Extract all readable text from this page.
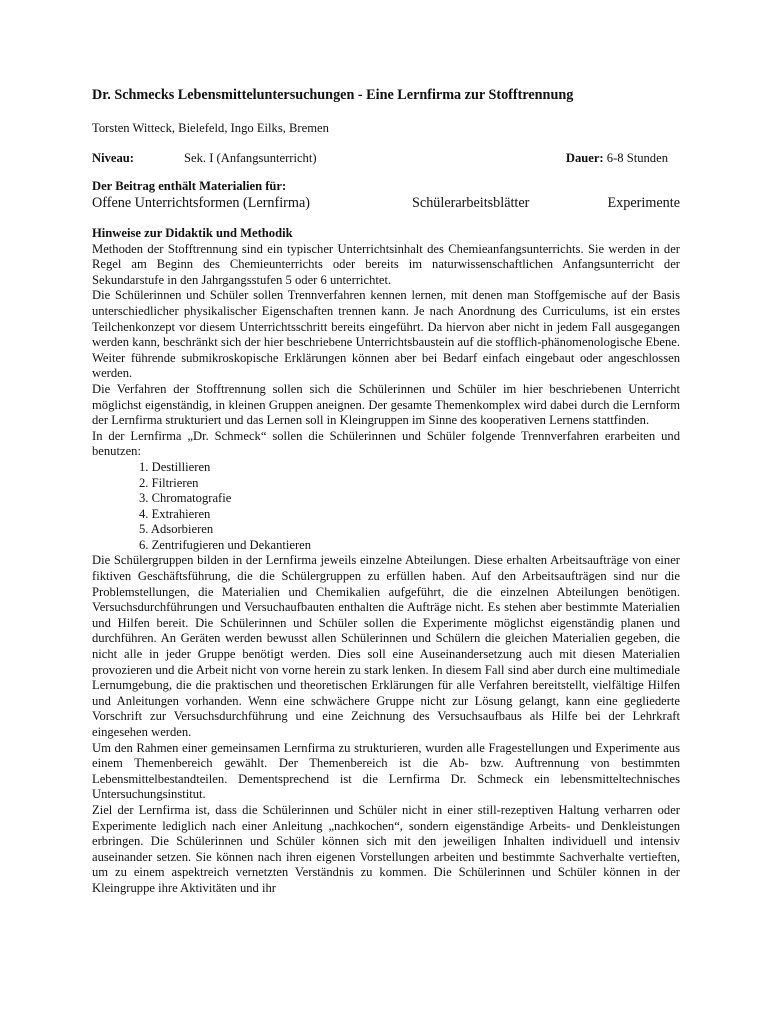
Dr. Schmecks Lebensmitteluntersuchungen - Eine Lernfirma zur Stofftrennung
Torsten Witteck, Bielefeld, Ingo Eilks, Bremen
Niveau:	Sek. I (Anfangsunterricht)	Dauer: 6-8 Stunden
Der Beitrag enthält Materialien für:
Offene Unterrichtsformen (Lernfirma)	Schülerarbeitsblätter	Experimente
Hinweise zur Didaktik und Methodik

Methoden der Stofftrennung sind ein typischer Unterrichtsinhalt des Chemieanfangsunterrichts. Sie werden in der Regel am Beginn des Chemieunterrichts oder bereits im naturwissenschaftlichen Anfangsunterricht der Sekundarstufe in den Jahrgangsstufen 5 oder 6 unterrichtet.

Die Schülerinnen und Schüler sollen Trennverfahren kennen lernen, mit denen man Stoffgemische auf der Basis unterschiedlicher physikalischer Eigenschaften trennen kann. Je nach Anordnung des Curriculums, ist ein erstes Teilchenkonzept vor diesem Unterrichtsschritt bereits eingeführt. Da hiervon aber nicht in jedem Fall ausgegangen werden kann, beschränkt sich der hier beschriebene Unterrichtsbaustein auf die stofflich-phänomenologische Ebene. Weiter führende submikroskopische Erklärungen können aber bei Bedarf einfach eingebaut oder angeschlossen werden.

Die Verfahren der Stofftrennung sollen sich die Schülerinnen und Schüler im hier beschriebenen Unterricht möglichst eigenständig, in kleinen Gruppen aneignen. Der gesamte Themenkomplex wird dabei durch die Lernform der Lernfirma strukturiert und das Lernen soll in Kleingruppen im Sinne des kooperativen Lernens stattfinden.

In der Lernfirma „Dr. Schmeck“ sollen die Schülerinnen und Schüler folgende Trennverfahren erarbeiten und benutzen:

1. Destillieren
2. Filtrieren
3. Chromatografie
4. Extrahieren
5. Adsorbieren
6. Zentrifugieren und Dekantieren

Die Schülergruppen bilden in der Lernfirma jeweils einzelne Abteilungen. Diese erhalten Arbeitsaufträge von einer fiktiven Geschäftsführung, die die Schülergruppen zu erfüllen haben. Auf den Arbeitsaufträgen sind nur die Problemstellungen, die Materialien und Chemikalien aufgeführt, die die einzelnen Abteilungen benötigen. Versuchsdurchführungen und Versuchaufbauten enthalten die Aufträge nicht. Es stehen aber bestimmte Materialien und Hilfen bereit. Die Schülerinnen und Schüler sollen die Experimente möglichst eigenständig planen und durchführen. An Geräten werden bewusst allen Schülerinnen und Schülern die gleichen Materialien gegeben, die nicht alle in jeder Gruppe benötigt werden. Dies soll eine Auseinandersetzung auch mit diesen Materialien provozieren und die Arbeit nicht von vorne herein zu stark lenken. In diesem Fall sind aber durch eine multimediale Lernumgebung, die die praktischen und theoretischen Erklärungen für alle Verfahren bereitstellt, vielfältige Hilfen und Anleitungen vorhanden. Wenn eine schwächere Gruppe nicht zur Lösung gelangt, kann eine gegliederte Vorschrift zur Versuchsdurchführung und eine Zeichnung des Versuchsaufbaus als Hilfe bei der Lehrkraft eingesehen werden.

Um den Rahmen einer gemeinsamen Lernfirma zu strukturieren, wurden alle Fragestellungen und Experimente aus einem Themenbereich gewählt. Der Themenbereich ist die Ab- bzw. Auftrennung von bestimmten Lebensmittelbestandteilen. Dementsprechend ist die Lernfirma Dr. Schmeck ein lebensmitteltechnisches Untersuchungsinstitut.

Ziel der Lernfirma ist, dass die Schülerinnen und Schüler nicht in einer still-rezeptiven Haltung verharren oder Experimente lediglich nach einer Anleitung „nachkochen“, sondern eigenständige Arbeits- und Denkleistungen erbringen. Die Schülerinnen und Schüler können sich mit den jeweiligen Inhalten individuell und intensiv auseinander setzen. Sie können nach ihren eigenen Vorstellungen arbeiten und bestimmte Sachverhalte vertieften, um zu einem aspektreich vernetzten Verständnis zu kommen. Die Schülerinnen und Schüler können in der Kleingruppe ihre Aktivitäten und ihr
